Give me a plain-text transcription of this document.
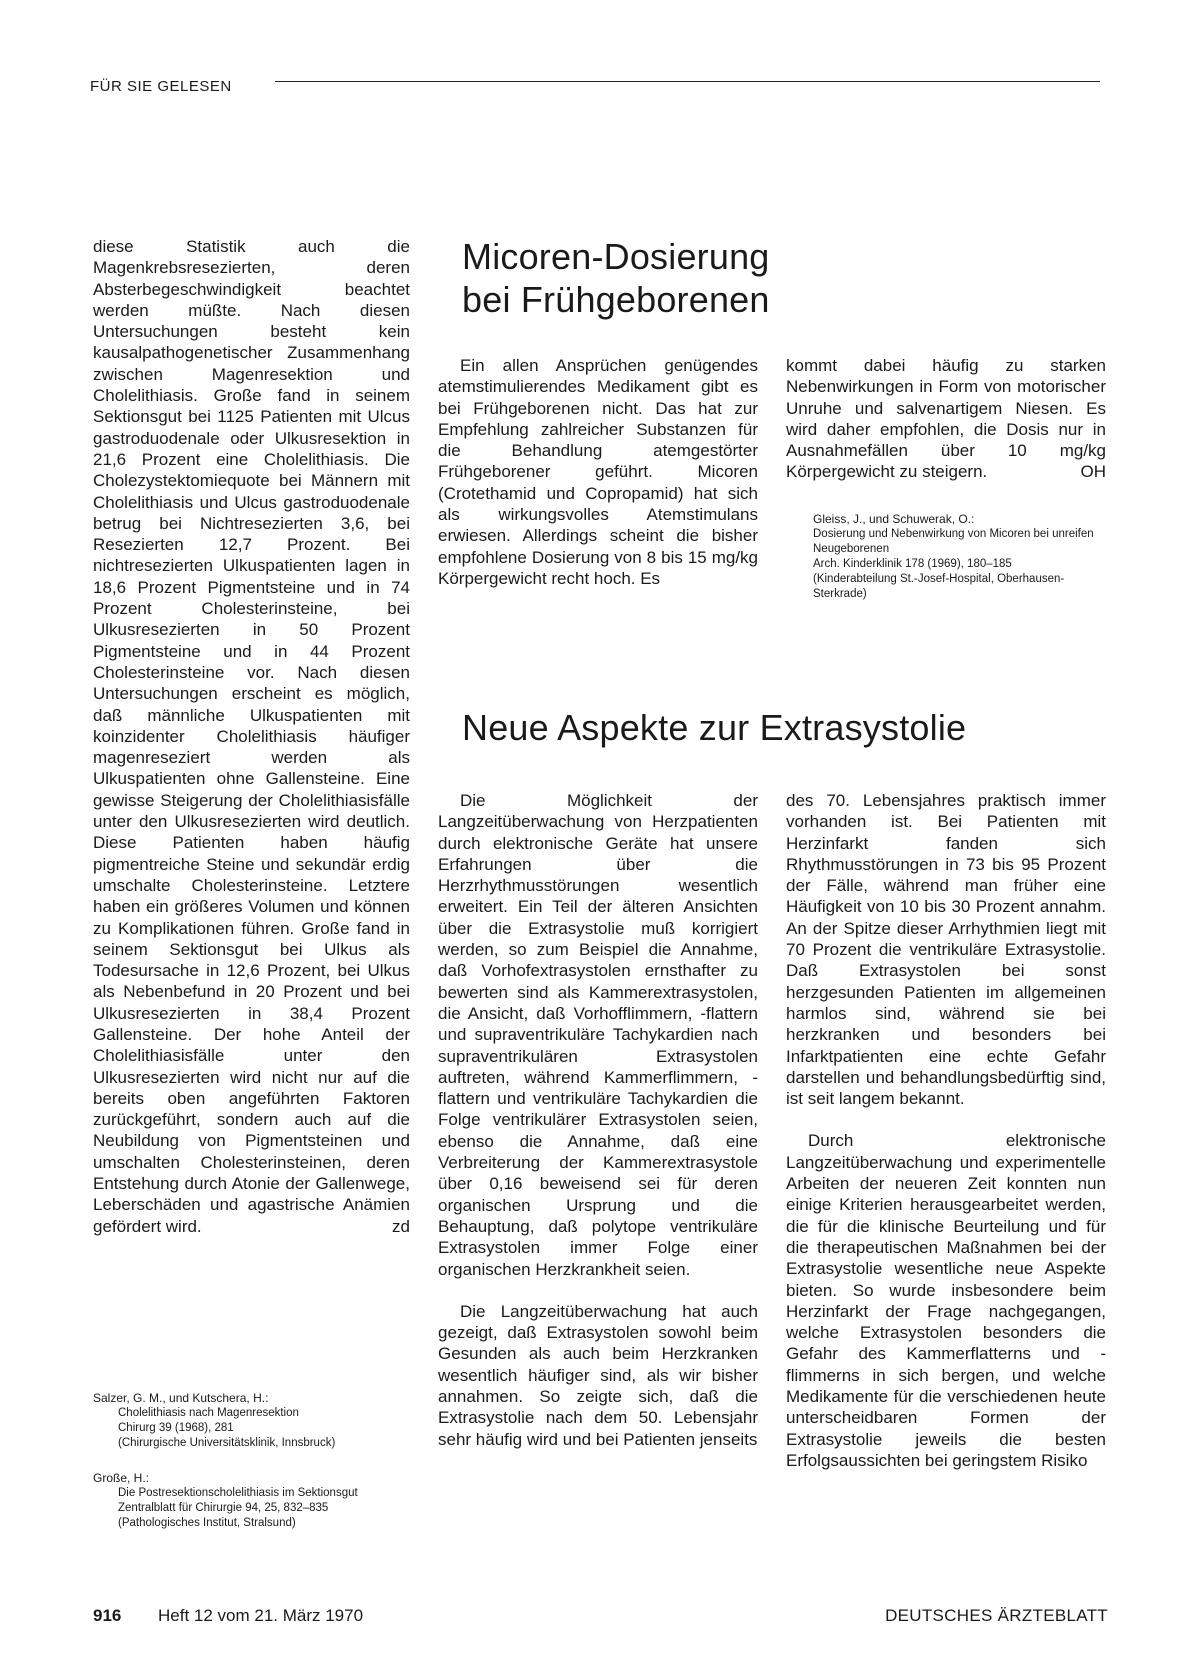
FÜR SIE GELESEN

diese Statistik auch die Magenkrebsresezierten, deren Absterbegeschwindigkeit beachtet werden müßte. Nach diesen Untersuchungen besteht kein kausalpathogenetischer Zusammenhang zwischen Magenresektion und Cholelithiasis. Große fand in seinem Sektionsgut bei 1125 Patienten mit Ulcus gastroduodenale oder Ulkusresektion in 21,6 Prozent eine Cholelithiasis. Die Cholezystektomiequote bei Männern mit Cholelithiasis und Ulcus gastroduodenale betrug bei Nichtresezierten 3,6, bei Resezierten 12,7 Prozent. Bei nichtresezierten Ulkuspatienten lagen in 18,6 Prozent Pigmentsteine und in 74 Prozent Cholesterinsteine, bei Ulkusresezierten in 50 Prozent Pigmentsteine und in 44 Prozent Cholesterinsteine vor. Nach diesen Untersuchungen erscheint es möglich, daß männliche Ulkuspatienten mit koinzidenter Cholelithiasis häufiger magenreseziert werden als Ulkuspatienten ohne Gallensteine. Eine gewisse Steigerung der Cholelithiasisfälle unter den Ulkusresezierten wird deutlich. Diese Patienten haben häufig pigmentreiche Steine und sekundär erdig umschalte Cholesterinsteine. Letztere haben ein größeres Volumen und können zu Komplikationen führen. Große fand in seinem Sektionsgut bei Ulkus als Todesursache in 12,6 Prozent, bei Ulkus als Nebenbefund in 20 Prozent und bei Ulkusresezierten in 38,4 Prozent Gallensteine. Der hohe Anteil der Cholelithiasisfälle unter den Ulkusresezierten wird nicht nur auf die bereits oben angeführten Faktoren zurückgeführt, sondern auch auf die Neubildung von Pigmentsteinen und umschalten Cholesterinsteinen, deren Entstehung durch Atonie der Gallenwege, Leberschäden und agastrische Anämien gefördert wird.	zd

Salzer, G. M., und Kutschera, H.:
Cholelithiasis nach Magenresektion
Chirurg 39 (1968), 281
(Chirurgische Universitätsklinik, Innsbruck)
Große, H.:
Die Postresektionscholelithiasis im Sektionsgut
Zentralblatt für Chirurgie 94, 25, 832–835
(Pathologisches Institut, Stralsund)
Micoren-Dosierung
bei Frühgeborenen

Ein allen Ansprüchen genügendes atemstimulierendes Medikament gibt es bei Frühgeborenen nicht. Das hat zur Empfehlung zahlreicher Substanzen für die Behandlung atemgestörter Frühgeborener geführt. Micoren (Crotethamid und Copropamid) hat sich als wirkungsvolles Atemstimulans erwiesen. Allerdings scheint die bisher empfohlene Dosierung von 8 bis 15 mg/kg Körpergewicht recht hoch. Es

kommt dabei häufig zu starken Nebenwirkungen in Form von motorischer Unruhe und salvenartigem Niesen. Es wird daher empfohlen, die Dosis nur in Ausnahmefällen über 10 mg/kg Körpergewicht zu steigern.	OH

Gleiss, J., und Schuwerak, O.:
Dosierung und Nebenwirkung von Micoren bei unreifen Neugeborenen
Arch. Kinderklinik 178 (1969), 180–185
(Kinderabteilung St.-Josef-Hospital, Oberhausen-Sterkrade)
Neue Aspekte zur Extrasystolie

Die Möglichkeit der Langzeitüberwachung von Herzpatienten durch elektronische Geräte hat unsere Erfahrungen über die Herzrhythmusstörungen wesentlich erweitert. Ein Teil der älteren Ansichten über die Extrasystolie muß korrigiert werden, so zum Beispiel die Annahme, daß Vorhofextrasystolen ernsthafter zu bewerten sind als Kammerextrasystolen, die Ansicht, daß Vorhofflimmern, -flattern und supraventrikuläre Tachykardien nach supraventrikulären Extrasystolen auftreten, während Kammerflimmern, -flattern und ventrikuläre Tachykardien die Folge ventrikulärer Extrasystolen seien, ebenso die Annahme, daß eine Verbreiterung der Kammerextrasystole über 0,16 beweisend sei für deren organischen Ursprung und die Behauptung, daß polytope ventrikuläre Extrasystolen immer Folge einer organischen Herzkrankheit seien.

Die Langzeitüberwachung hat auch gezeigt, daß Extrasystolen sowohl beim Gesunden als auch beim Herzkranken wesentlich häufiger sind, als wir bisher annahmen. So zeigte sich, daß die Extrasystolie nach dem 50. Lebensjahr sehr häufig wird und bei Patienten jenseits

des 70. Lebensjahres praktisch immer vorhanden ist. Bei Patienten mit Herzinfarkt fanden sich Rhythmusstörungen in 73 bis 95 Prozent der Fälle, während man früher eine Häufigkeit von 10 bis 30 Prozent annahm. An der Spitze dieser Arrhythmien liegt mit 70 Prozent die ventrikuläre Extrasystolie. Daß Extrasystolen bei sonst herzgesunden Patienten im allgemeinen harmlos sind, während sie bei herzkranken und besonders bei Infarktpatienten eine echte Gefahr darstellen und behandlungsbedürftig sind, ist seit langem bekannt.

Durch elektronische Langzeitüberwachung und experimentelle Arbeiten der neueren Zeit konnten nun einige Kriterien herausgearbeitet werden, die für die klinische Beurteilung und für die therapeutischen Maßnahmen bei der Extrasystolie wesentliche neue Aspekte bieten. So wurde insbesondere beim Herzinfarkt der Frage nachgegangen, welche Extrasystolen besonders die Gefahr des Kammerflatterns und -flimmerns in sich bergen, und welche Medikamente für die verschiedenen heute unterscheidbaren Formen der Extrasystolie jeweils die besten Erfolgsaussichten bei geringstem Risiko

916 Heft 12 vom 21. März 1970	DEUTSCHES ÄRZTEBLATT
